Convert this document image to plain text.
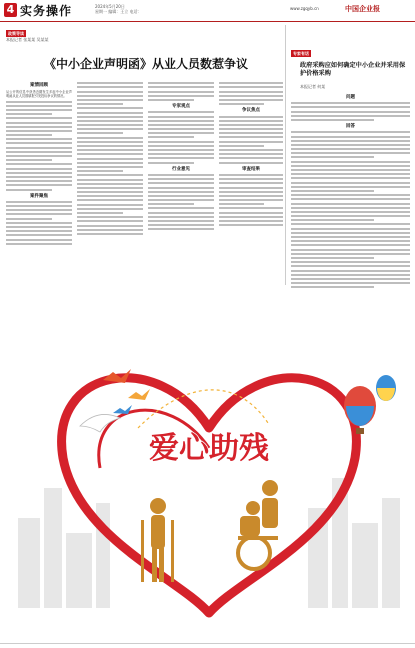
4 实务操作	2024年5月20日
星期一 编辑：王立 电话：
www.zgqyb.cn	中国企业报
政策导读
本报记者 张某某 吴某某
《中小企业声明函》从业人员数惹争议
案情回顾
从公开的信息中获悉近期发生多起中小企业声明函从业人员数填报引发投标争议的情况。
案件聚焦
专家观点
行业意见
争议焦点
审查结果
专家有话
政府采购应如何确定中小企业并采用保护价格采购
本报记者 何某
问题
回答
爱心助残
